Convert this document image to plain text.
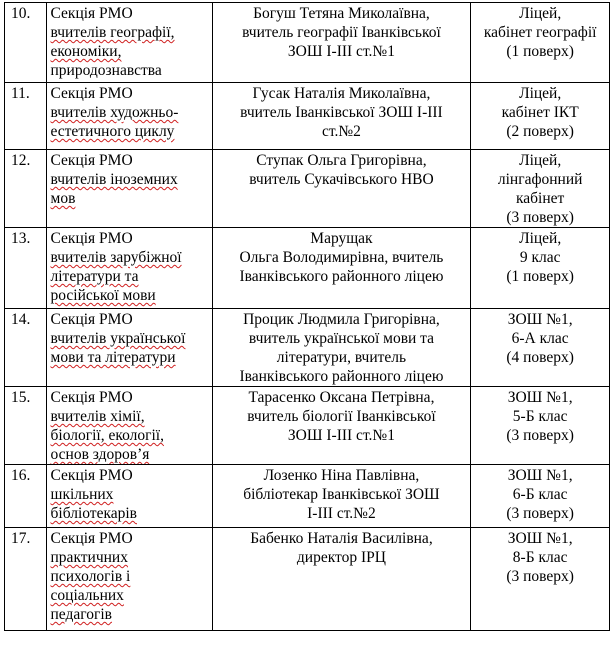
10.	Секція РМО
вчителів географії,
економіки,
природознавства	Богуш Тетяна Миколаївна,
вчитель географії Іванківської
ЗОШ І-ІІІ ст.№1	Ліцей,
кабінет географії
(1 поверх)

11.	Секція РМО
вчителів художньо-
естетичного циклу	Гусак Наталія Миколаївна,
вчитель Іванківської ЗОШ І-ІІІ
ст.№2	Ліцей,
кабінет ІКТ
(2 поверх)

12.	Секція РМО
вчителів іноземних
мов	Ступак Ольга Григорівна,
вчитель Сукачівського НВО	Ліцей,
лінгафонний
кабінет
(3 поверх)

13.	Секція РМО
вчителів зарубіжної
літератури та
російської мови	Марущак
Ольга Володимирівна, вчитель
Іванківського районного ліцею	Ліцей,
9 клас
(1 поверх)

14.	Секція РМО
вчителів української
мови та літератури	Процик Людмила Григорівна,
вчитель української мови та
літератури, вчитель
Іванківського районного ліцею	ЗОШ №1,
6-А клас
(4 поверх)

15.	Секція РМО
вчителів хімії,
біології, екології,
основ здоров’я	Тарасенко Оксана Петрівна,
вчитель біології Іванківської
ЗОШ І-ІІІ ст.№1	ЗОШ №1,
5-Б клас
(3 поверх)

16.	Секція РМО
шкільних
бібліотекарів	Лозенко Ніна Павлівна,
бібліотекар Іванківської ЗОШ
І-ІІІ ст.№2	ЗОШ №1,
6-Б клас
(3 поверх)

17.	Секція РМО
практичних
психологів і
соціальних
педагогів	Бабенко Наталія Василівна,
директор ІРЦ	ЗОШ №1,
8-Б клас
(3 поверх)
